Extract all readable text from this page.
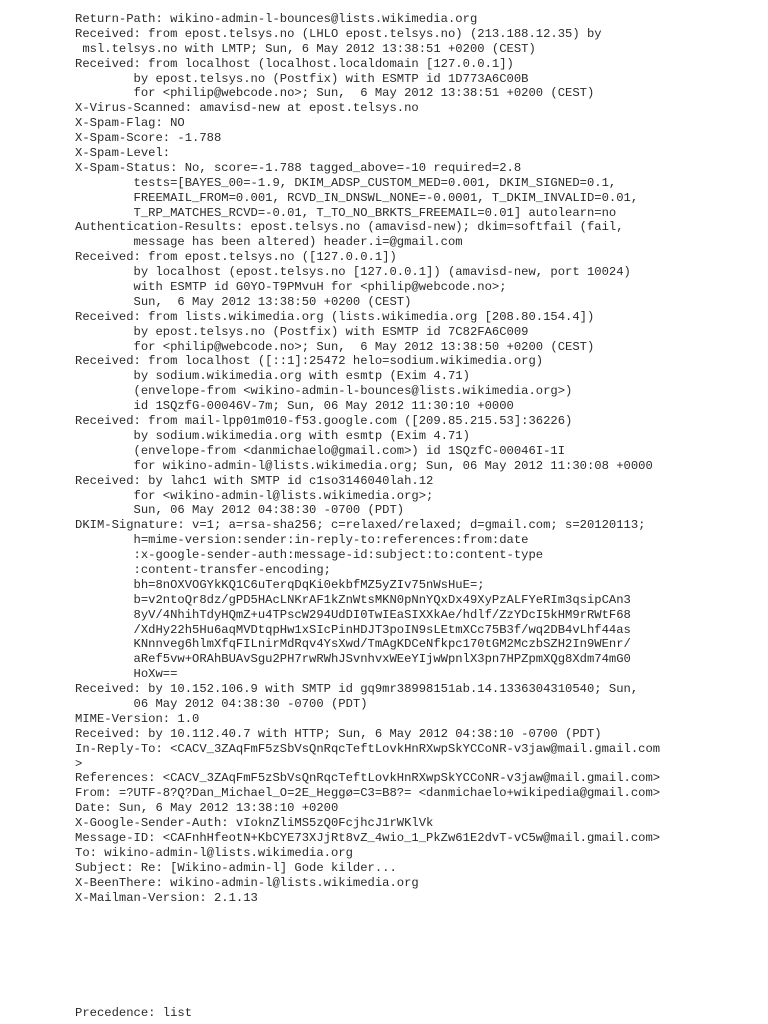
Return-Path: wikino-admin-l-bounces@lists.wikimedia.org
Received: from epost.telsys.no (LHLO epost.telsys.no) (213.188.12.35) by
msl.telsys.no with LMTP; Sun, 6 May 2012 13:38:51 +0200 (CEST)
Received: from localhost (localhost.localdomain [127.0.0.1])
by epost.telsys.no (Postfix) with ESMTP id 1D773A6C00B
for <philip@webcode.no>; Sun,  6 May 2012 13:38:51 +0200 (CEST)
X-Virus-Scanned: amavisd-new at epost.telsys.no
X-Spam-Flag: NO
X-Spam-Score: -1.788
X-Spam-Level:
X-Spam-Status: No, score=-1.788 tagged_above=-10 required=2.8
tests=[BAYES_00=-1.9, DKIM_ADSP_CUSTOM_MED=0.001, DKIM_SIGNED=0.1,
FREEMAIL_FROM=0.001, RCVD_IN_DNSWL_NONE=-0.0001, T_DKIM_INVALID=0.01,
T_RP_MATCHES_RCVD=-0.01, T_TO_NO_BRKTS_FREEMAIL=0.01] autolearn=no
Authentication-Results: epost.telsys.no (amavisd-new); dkim=softfail (fail,
message has been altered) header.i=@gmail.com
Received: from epost.telsys.no ([127.0.0.1])
by localhost (epost.telsys.no [127.0.0.1]) (amavisd-new, port 10024)
with ESMTP id G0YO-T9PMvuH for <philip@webcode.no>;
Sun,  6 May 2012 13:38:50 +0200 (CEST)
Received: from lists.wikimedia.org (lists.wikimedia.org [208.80.154.4])
by epost.telsys.no (Postfix) with ESMTP id 7C82FA6C009
for <philip@webcode.no>; Sun,  6 May 2012 13:38:50 +0200 (CEST)
Received: from localhost ([::1]:25472 helo=sodium.wikimedia.org)
by sodium.wikimedia.org with esmtp (Exim 4.71)
(envelope-from <wikino-admin-l-bounces@lists.wikimedia.org>)
id 1SQzfG-00046V-7m; Sun, 06 May 2012 11:30:10 +0000
Received: from mail-lpp01m010-f53.google.com ([209.85.215.53]:36226)
by sodium.wikimedia.org with esmtp (Exim 4.71)
(envelope-from <danmichaelo@gmail.com>) id 1SQzfC-00046I-1I
for wikino-admin-l@lists.wikimedia.org; Sun, 06 May 2012 11:30:08 +0000
Received: by lahc1 with SMTP id c1so3146040lah.12
for <wikino-admin-l@lists.wikimedia.org>;
Sun, 06 May 2012 04:38:30 -0700 (PDT)
DKIM-Signature: v=1; a=rsa-sha256; c=relaxed/relaxed; d=gmail.com; s=20120113;
h=mime-version:sender:in-reply-to:references:from:date
:x-google-sender-auth:message-id:subject:to:content-type
:content-transfer-encoding;
bh=8nOXVOGYkKQ1C6uTerqDqKi0ekbfMZ5yZIv75nWsHuE=;
b=v2ntoQr8dz/gPD5HAcLNKrAF1kZnWtsMKN0pNnYQxDx49XyPzALFYeRIm3qsipCAn3
8yV/4NhihTdyHQmZ+u4TPscW294UdDI0TwIEaSIXXkAe/hdlf/ZzYDcI5kHM9rRWtF68
/XdHy22h5Hu6aqMVDtqpHw1xSIcPinHDJT3poIN9sLEtmXCc75B3f/wq2DB4vLhf44as
KNnnveg6hlmXfqFILnirMdRqv4YsXwd/TmAgKDCeNfkpc170tGM2MczbSZH2In9WEnr/
aRef5vw+ORAhBUAvSgu2PH7rwRWhJSvnhvxWEeYIjwWpnlX3pn7HPZpmXQg8Xdm74mG0
HoXw==
Received: by 10.152.106.9 with SMTP id gq9mr38998151ab.14.1336304310540; Sun,
06 May 2012 04:38:30 -0700 (PDT)
MIME-Version: 1.0
Received: by 10.112.40.7 with HTTP; Sun, 6 May 2012 04:38:10 -0700 (PDT)
In-Reply-To: <CACV_3ZAqFmF5zSbVsQnRqcTeftLovkHnRXwpSkYCCoNR-v3jaw@mail.gmail.com
>
References: <CACV_3ZAqFmF5zSbVsQnRqcTeftLovkHnRXwpSkYCCoNR-v3jaw@mail.gmail.com>
From: =?UTF-8?Q?Dan_Michael_O=2E_Heggø=C3=B8?= <danmichaelo+wikipedia@gmail.com>
Date: Sun, 6 May 2012 13:38:10 +0200
X-Google-Sender-Auth: vIoknZliMS5zQ0FcjhcJ1rWKlVk
Message-ID: <CAFnhHfeotN+KbCYE73XJjRt8vZ_4wio_1_PkZw61E2dvT-vC5w@mail.gmail.com>
To: wikino-admin-l@lists.wikimedia.org
Subject: Re: [Wikino-admin-l] Gode kilder...
X-BeenThere: wikino-admin-l@lists.wikimedia.org
X-Mailman-Version: 2.1.13
Precedence: list
